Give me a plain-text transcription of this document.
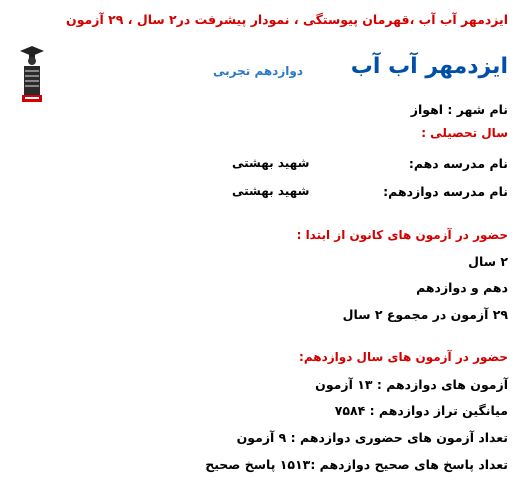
ایزدمهر آب آب ،قهرمان پیوستگی ، نمودار پیشرفت در۲ سال ، ۲۹ آزمون
ایزدمهر آب آب
دوازدهم تجربی
نام شهر : اهواز
سال تحصیلی :
نام مدرسه دهم:
شهید بهشتی
نام مدرسه دوازدهم:
شهید بهشتی
حضور در آزمون های کانون از ابتدا :
۲ سال
دهم و دوازدهم
۲۹ آزمون در مجموع ۲ سال
حضور در آزمون های سال دوازدهم:
آزمون های دوازدهم : ۱۳ آزمون
میانگین تراز دوازدهم : ۷۵۸۴
تعداد آزمون های حضوری دوازدهم : ۹ آزمون
تعداد پاسخ های صحیح دوازدهم :۱۵۱۳ پاسخ صحیح
